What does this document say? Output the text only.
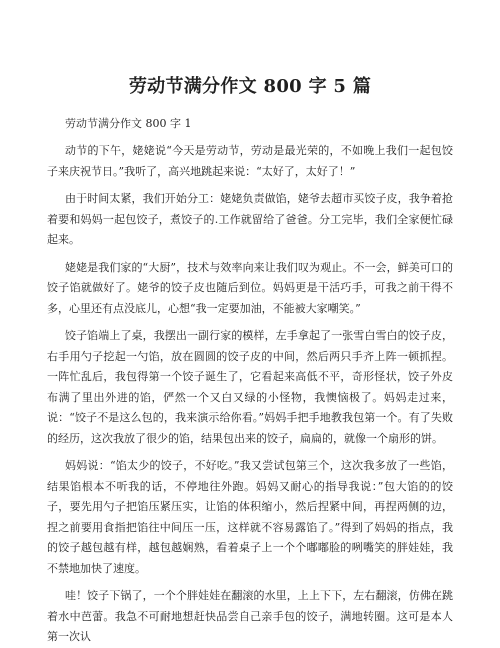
劳动节满分作文 800 字 5 篇
劳动节满分作文 800 字 1

动节的下午，姥姥说“今天是劳动节，劳动是最光荣的，不如晚上我们一起包饺子来庆祝节日。”我听了，高兴地跳起来说：“太好了，太好了！”

由于时间太紧，我们开始分工：姥姥负责做馅，姥爷去超市买饺子皮，我争着抢着要和妈妈一起包饺子，煮饺子的.工作就留给了爸爸。分工完毕，我们全家便忙碌起来。

姥姥是我们家的“大厨”，技术与效率向来让我们叹为观止。不一会，鲜美可口的饺子馅就做好了。姥爷的饺子皮也随后到位。妈妈更是干活巧手，可我之前干得不多，心里还有点没底儿，心想“我一定要加油，不能被大家嘲笑。”

饺子馅端上了桌，我摆出一副行家的模样，左手拿起了一张雪白雪白的饺子皮，右手用勺子挖起一勺馅，放在圆圆的饺子皮的中间，然后两只手齐上阵一顿抓捏。一阵忙乱后，我包得第一个饺子诞生了，它看起来高低不平，奇形怪状，饺子外皮布满了里出外进的馅，俨然一个又白又绿的小怪物，我懊恼极了。妈妈走过来，说：“饺子不是这么包的，我来演示给你看。”妈妈手把手地教我包第一个。有了失败的经历，这次我放了很少的馅，结果包出来的饺子，扁扁的，就像一个扇形的饼。

妈妈说：“馅太少的饺子，不好吃。”我又尝试包第三个，这次我多放了一些馅，结果馅根本不听我的话，不停地往外跑。妈妈又耐心的指导我说：”包大馅的的饺子，要先用勺子把馅压紧压实，让馅的体积缩小，然后捏紧中间，再捏两侧的边，捏之前要用食指把馅往中间压一压，这样就不容易露馅了。”得到了妈妈的指点，我的饺子越包越有样，越包越娴熟，看着桌子上一个个嘟嘟脸的咧嘴笑的胖娃娃，我不禁地加快了速度。

哇！饺子下锅了，一个个胖娃娃在翻滚的水里，上上下下，左右翻滚，仿佛在跳着水中芭蕾。我急不可耐地想赶快品尝自己亲手包的饺子，满地转圈。这可是本人第一次认
